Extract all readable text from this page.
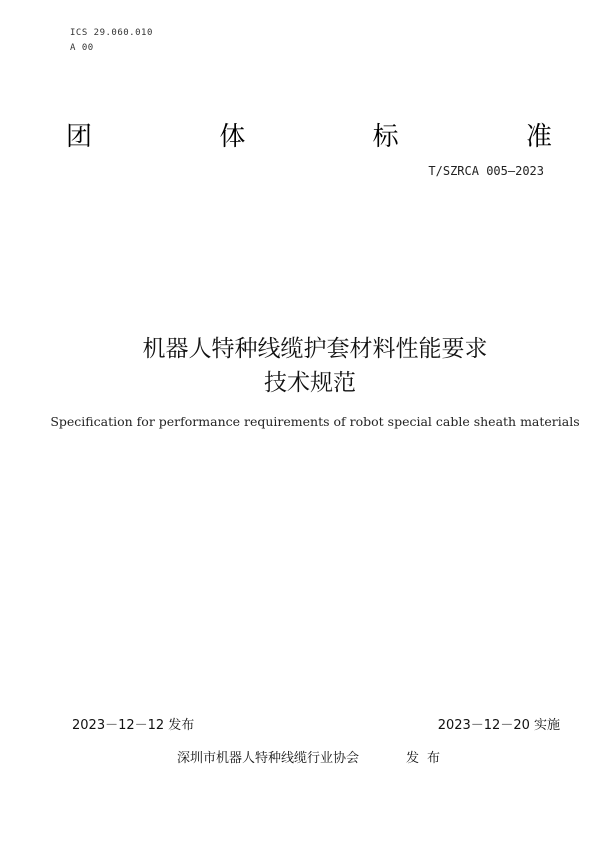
ICS 29.060.010
A 00
团	体	标	准
T/SZRCA 005—2023
机器人特种线缆护套材料性能要求
技术规范
Specification for performance requirements of robot special cable sheath materials
2023－12－12 发布	2023－12－20 实施
深圳市机器人特种线缆行业协会	发布
